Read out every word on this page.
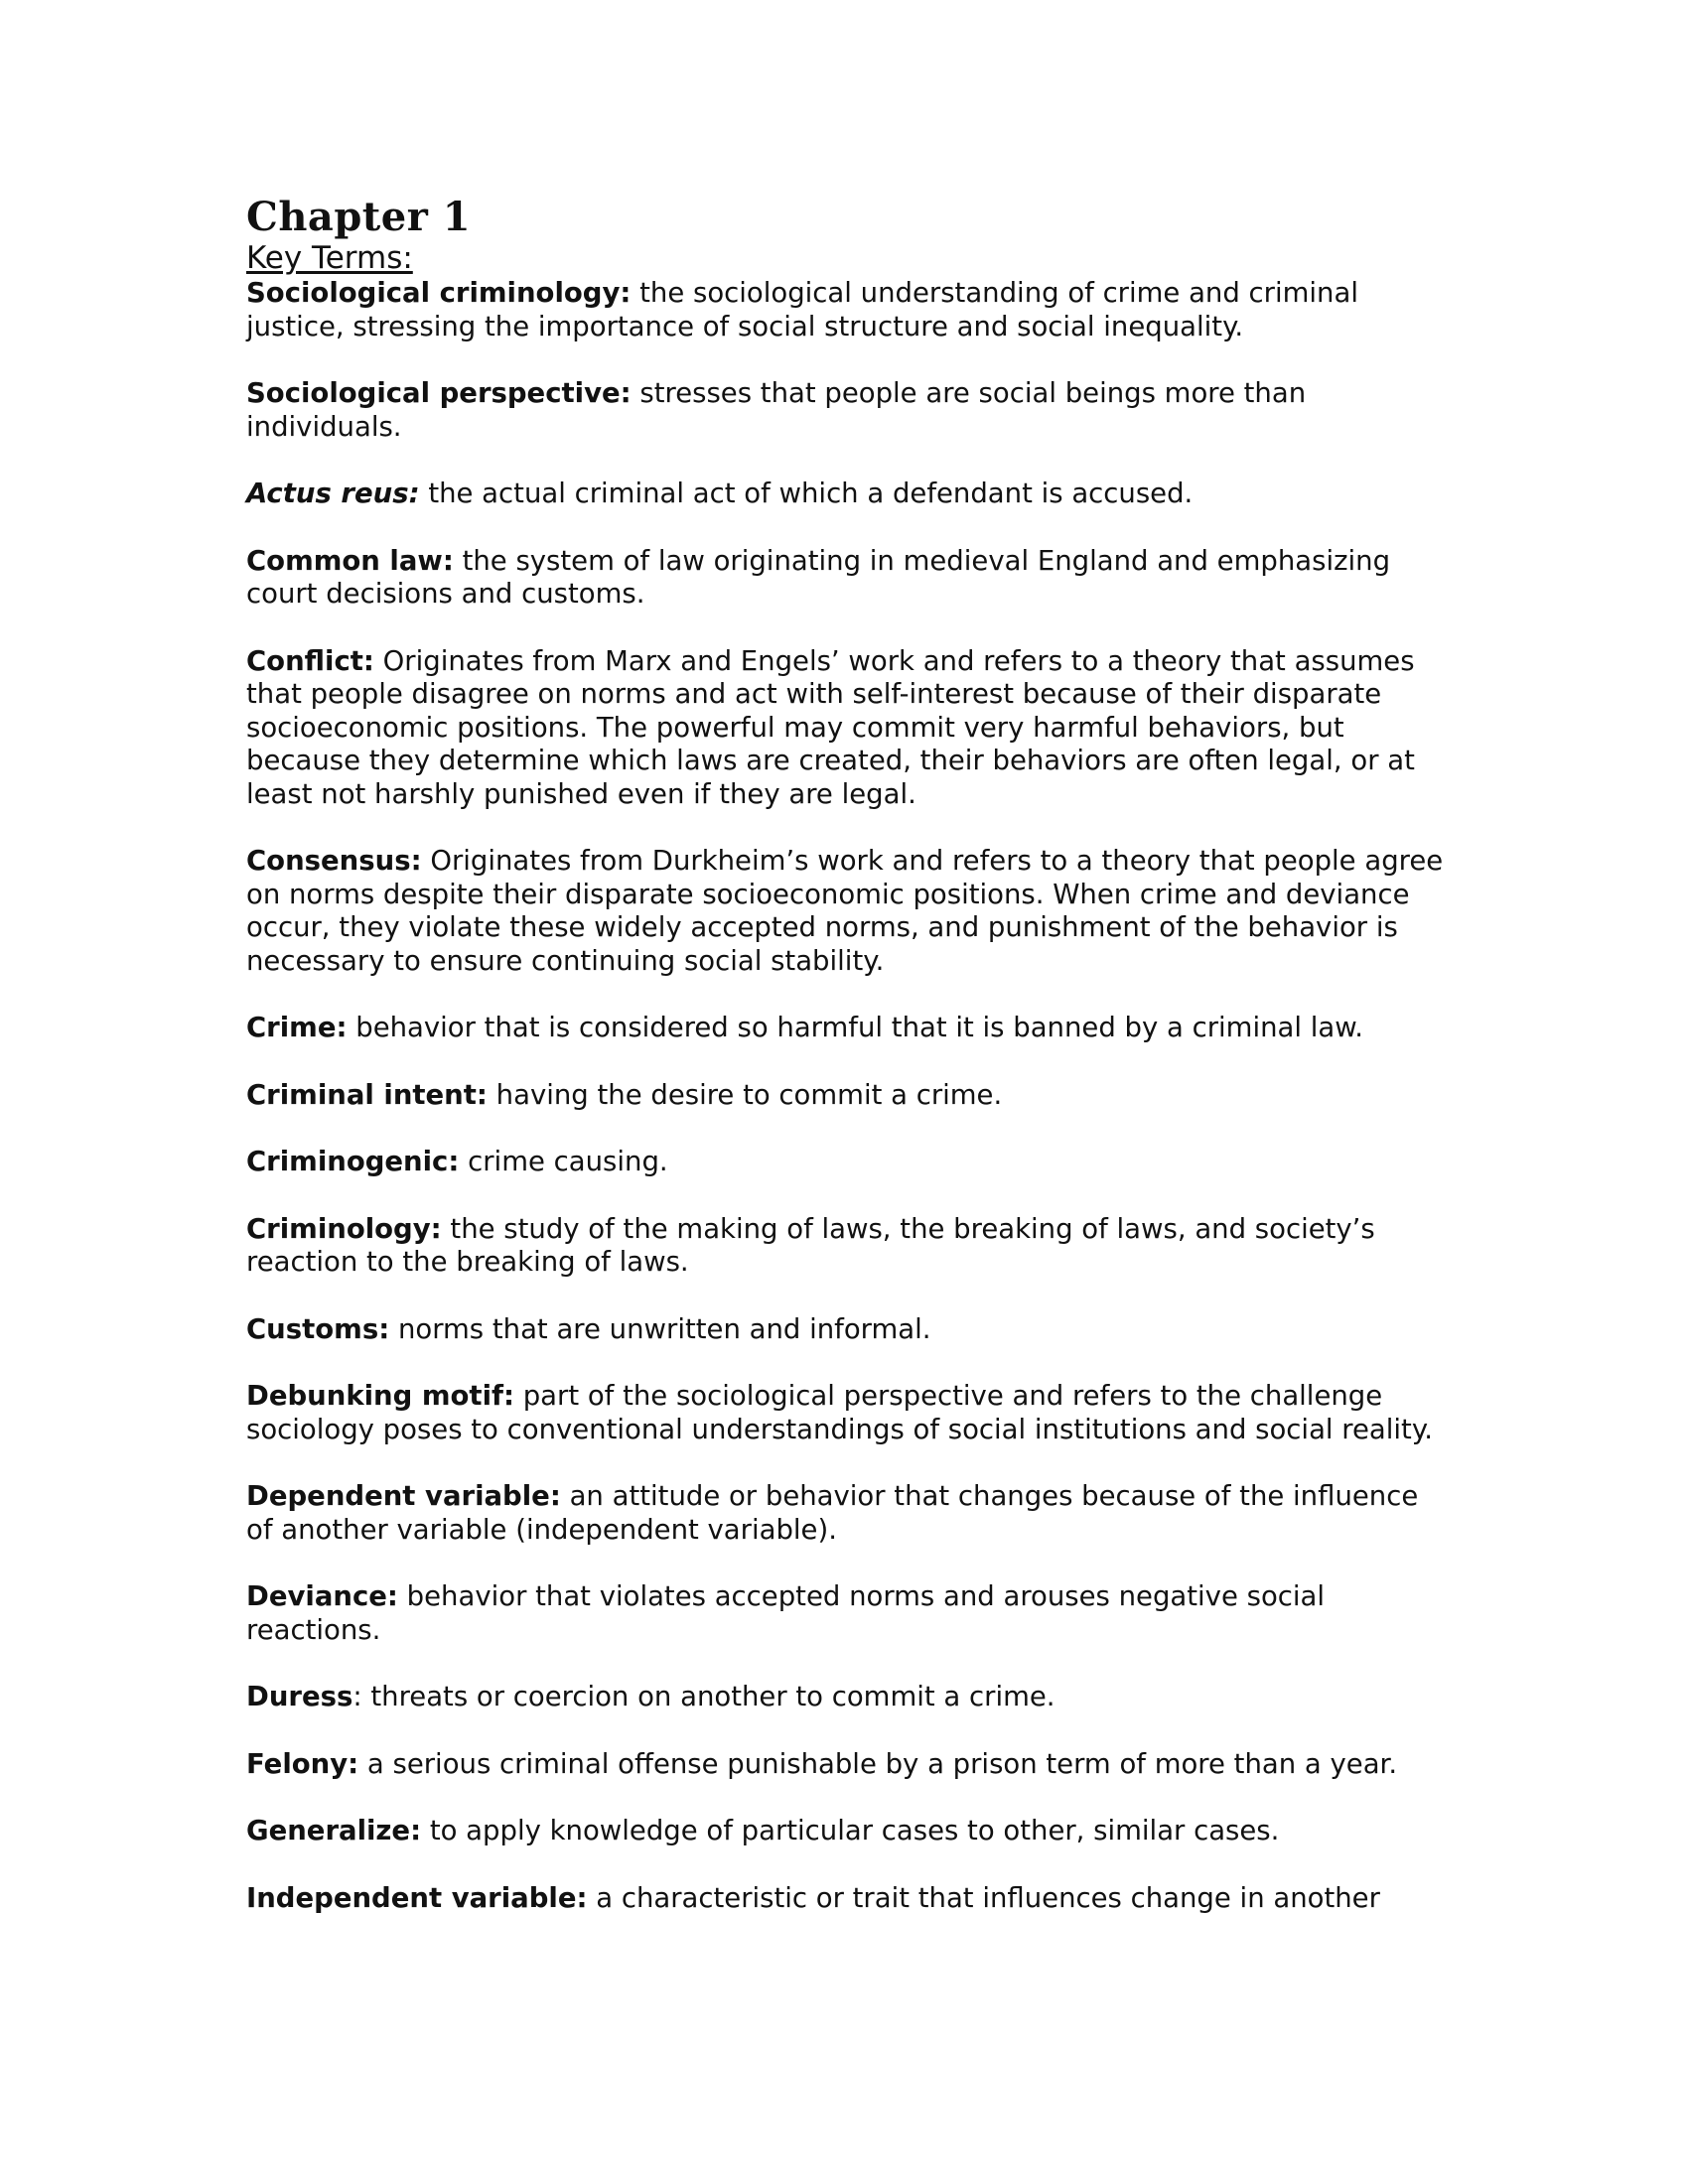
Chapter 1
Key Terms:

Sociological criminology: the sociological understanding of crime and criminal justice, stressing the importance of social structure and social inequality.

Sociological perspective: stresses that people are social beings more than individuals.

Actus reus: the actual criminal act of which a defendant is accused.

Common law: the system of law originating in medieval England and emphasizing court decisions and customs.

Conflict: Originates from Marx and Engels’ work and refers to a theory that assumes that people disagree on norms and act with self-interest because of their disparate socioeconomic positions. The powerful may commit very harmful behaviors, but because they determine which laws are created, their behaviors are often legal, or at least not harshly punished even if they are legal.

Consensus: Originates from Durkheim’s work and refers to a theory that people agree on norms despite their disparate socioeconomic positions. When crime and deviance occur, they violate these widely accepted norms, and punishment of the behavior is necessary to ensure continuing social stability.

Crime: behavior that is considered so harmful that it is banned by a criminal law.

Criminal intent: having the desire to commit a crime.

Criminogenic: crime causing.

Criminology: the study of the making of laws, the breaking of laws, and society’s reaction to the breaking of laws.

Customs: norms that are unwritten and informal.

Debunking motif: part of the sociological perspective and refers to the challenge sociology poses to conventional understandings of social institutions and social reality.

Dependent variable: an attitude or behavior that changes because of the influence of another variable (independent variable).

Deviance: behavior that violates accepted norms and arouses negative social reactions.

Duress: threats or coercion on another to commit a crime.

Felony: a serious criminal offense punishable by a prison term of more than a year.

Generalize: to apply knowledge of particular cases to other, similar cases.

Independent variable: a characteristic or trait that influences change in another
